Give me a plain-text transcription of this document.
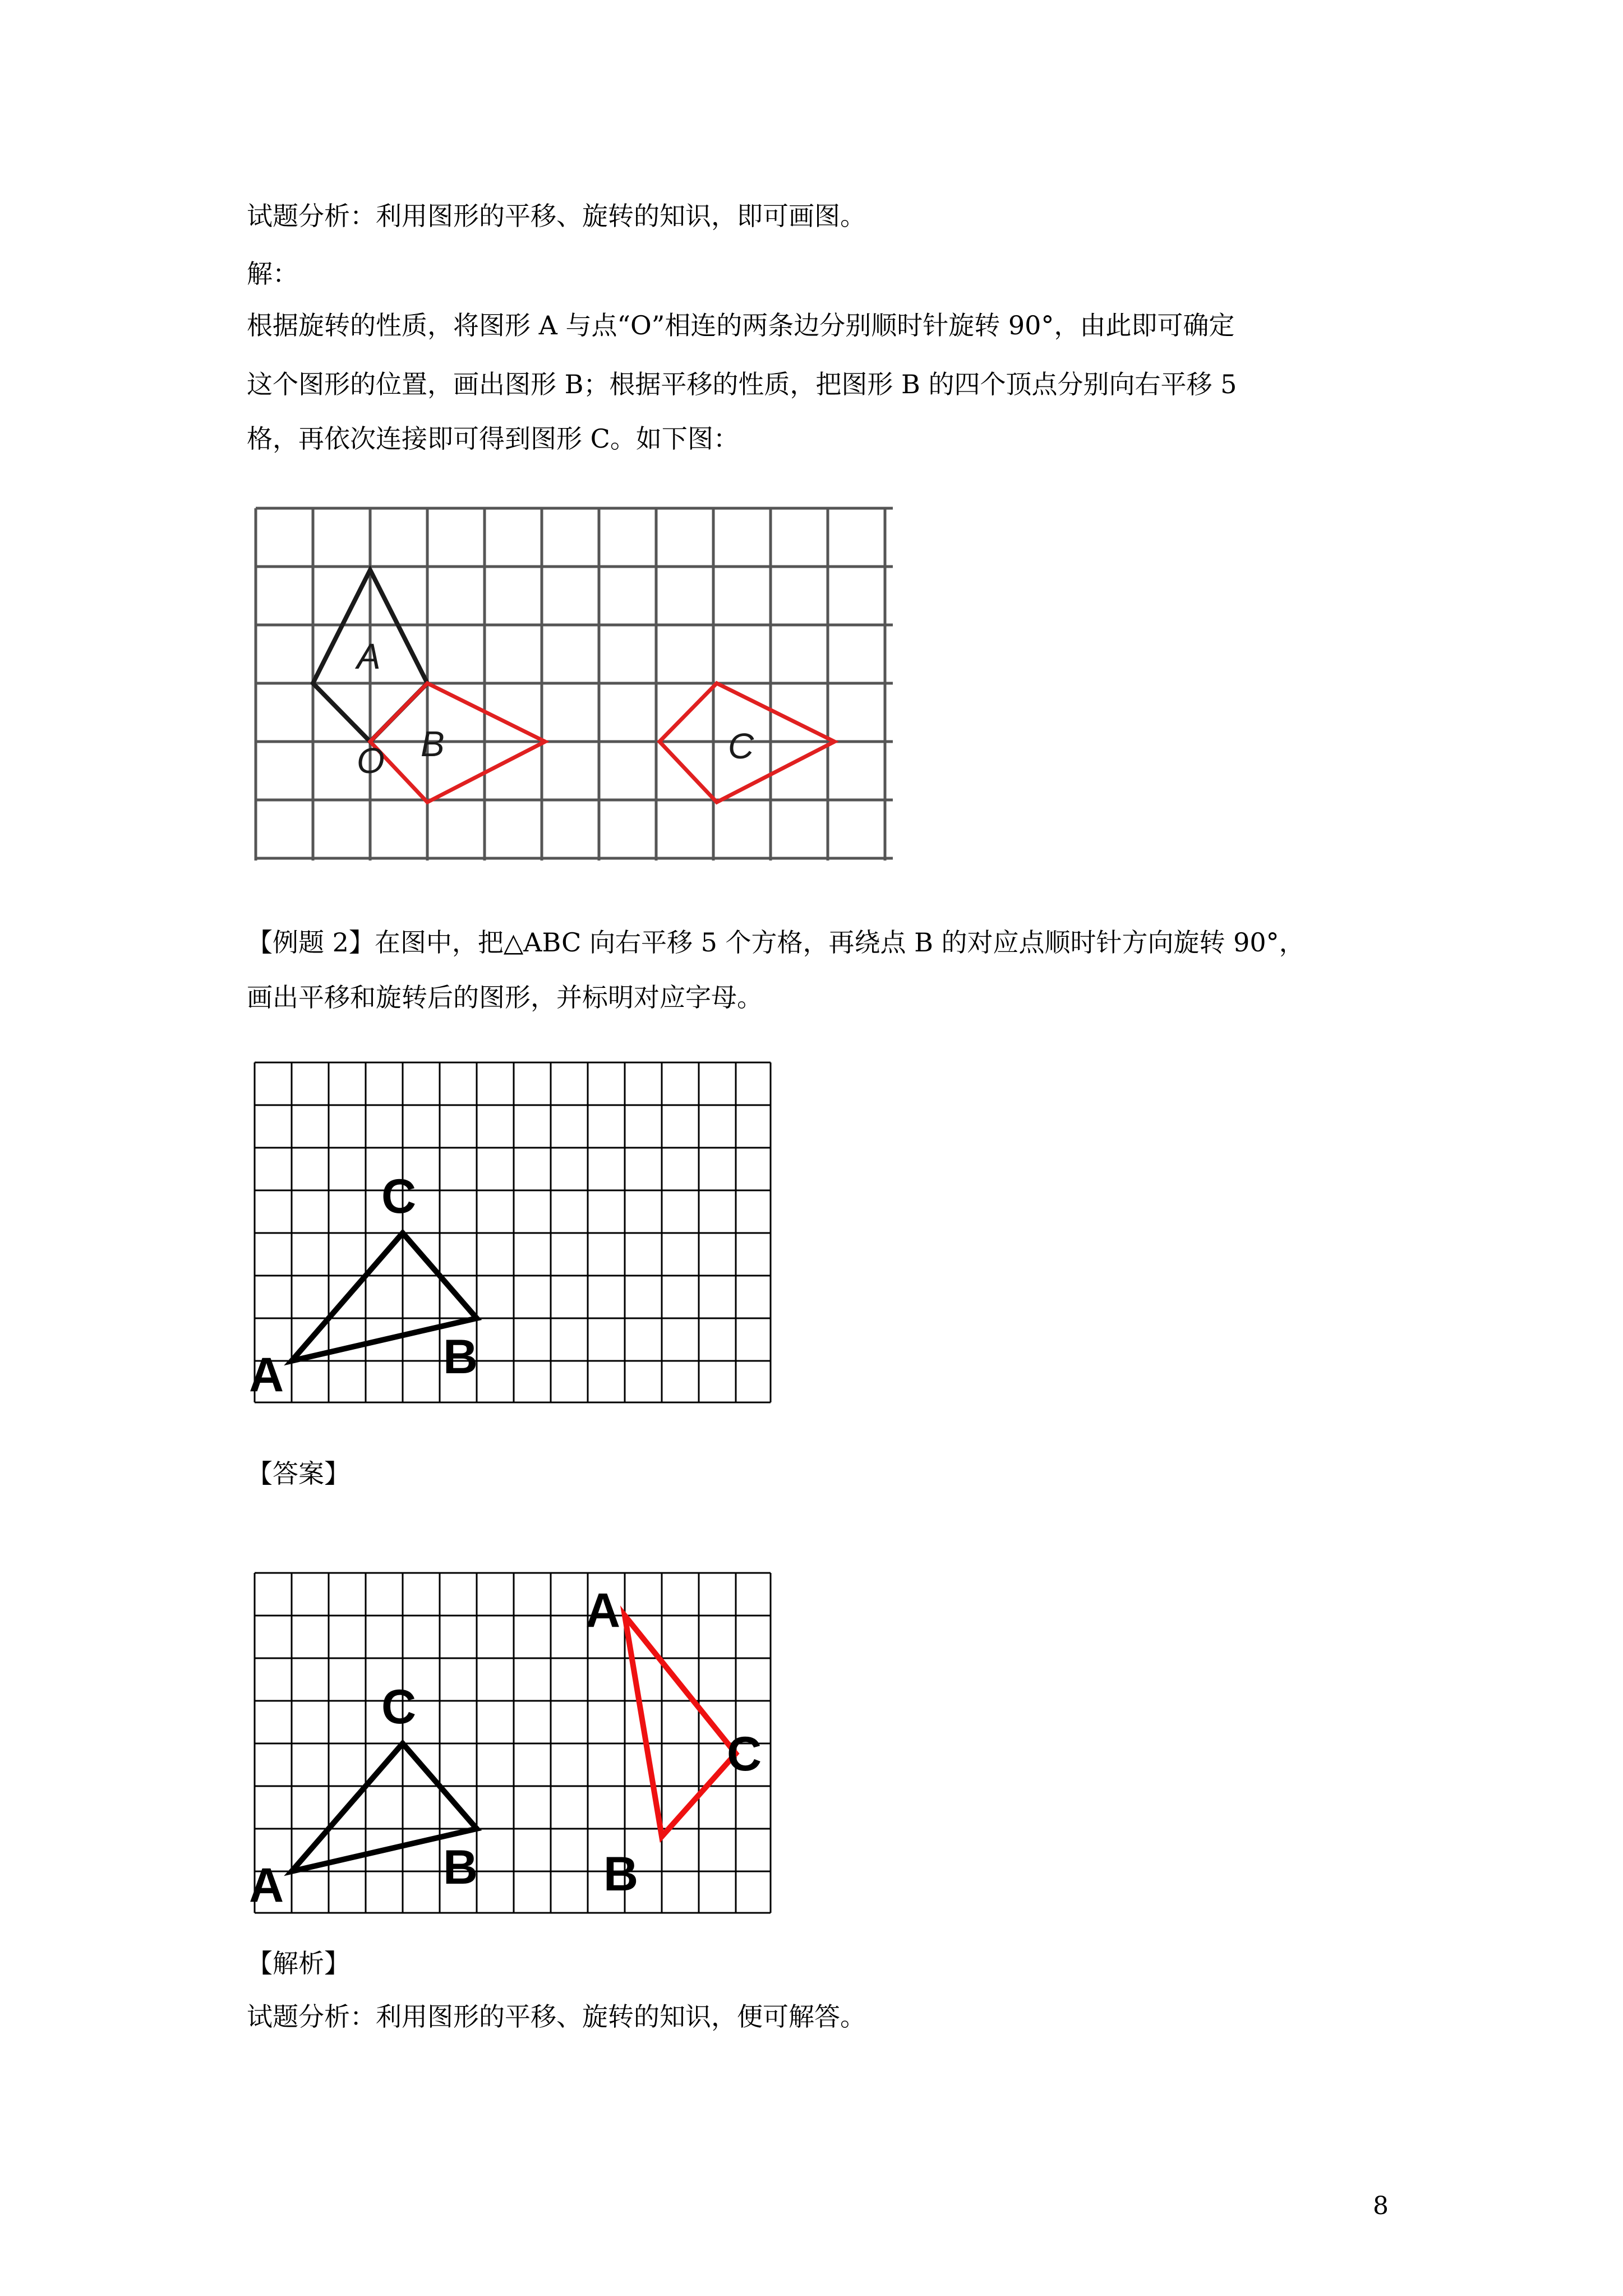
试题分析：利用图形的平移、旋转的知识，即可画图。
解：
根据旋转的性质，将图形 A 与点“O”相连的两条边分别顺时针旋转 90°，由此即可确定
这个图形的位置，画出图形 B；根据平移的性质，把图形 B 的四个顶点分别向右平移 5
格，再依次连接即可得到图形 C。如下图：
A
O B	C
【例题 2】在图中，把△ABC 向右平移 5 个方格，再绕点 B 的对应点顺时针方向旋转 90°，
画出平移和旋转后的图形，并标明对应字母。
C
A	B
【答案】
C
A	B
A
C
B
【解析】
试题分析：利用图形的平移、旋转的知识，便可解答。
8
